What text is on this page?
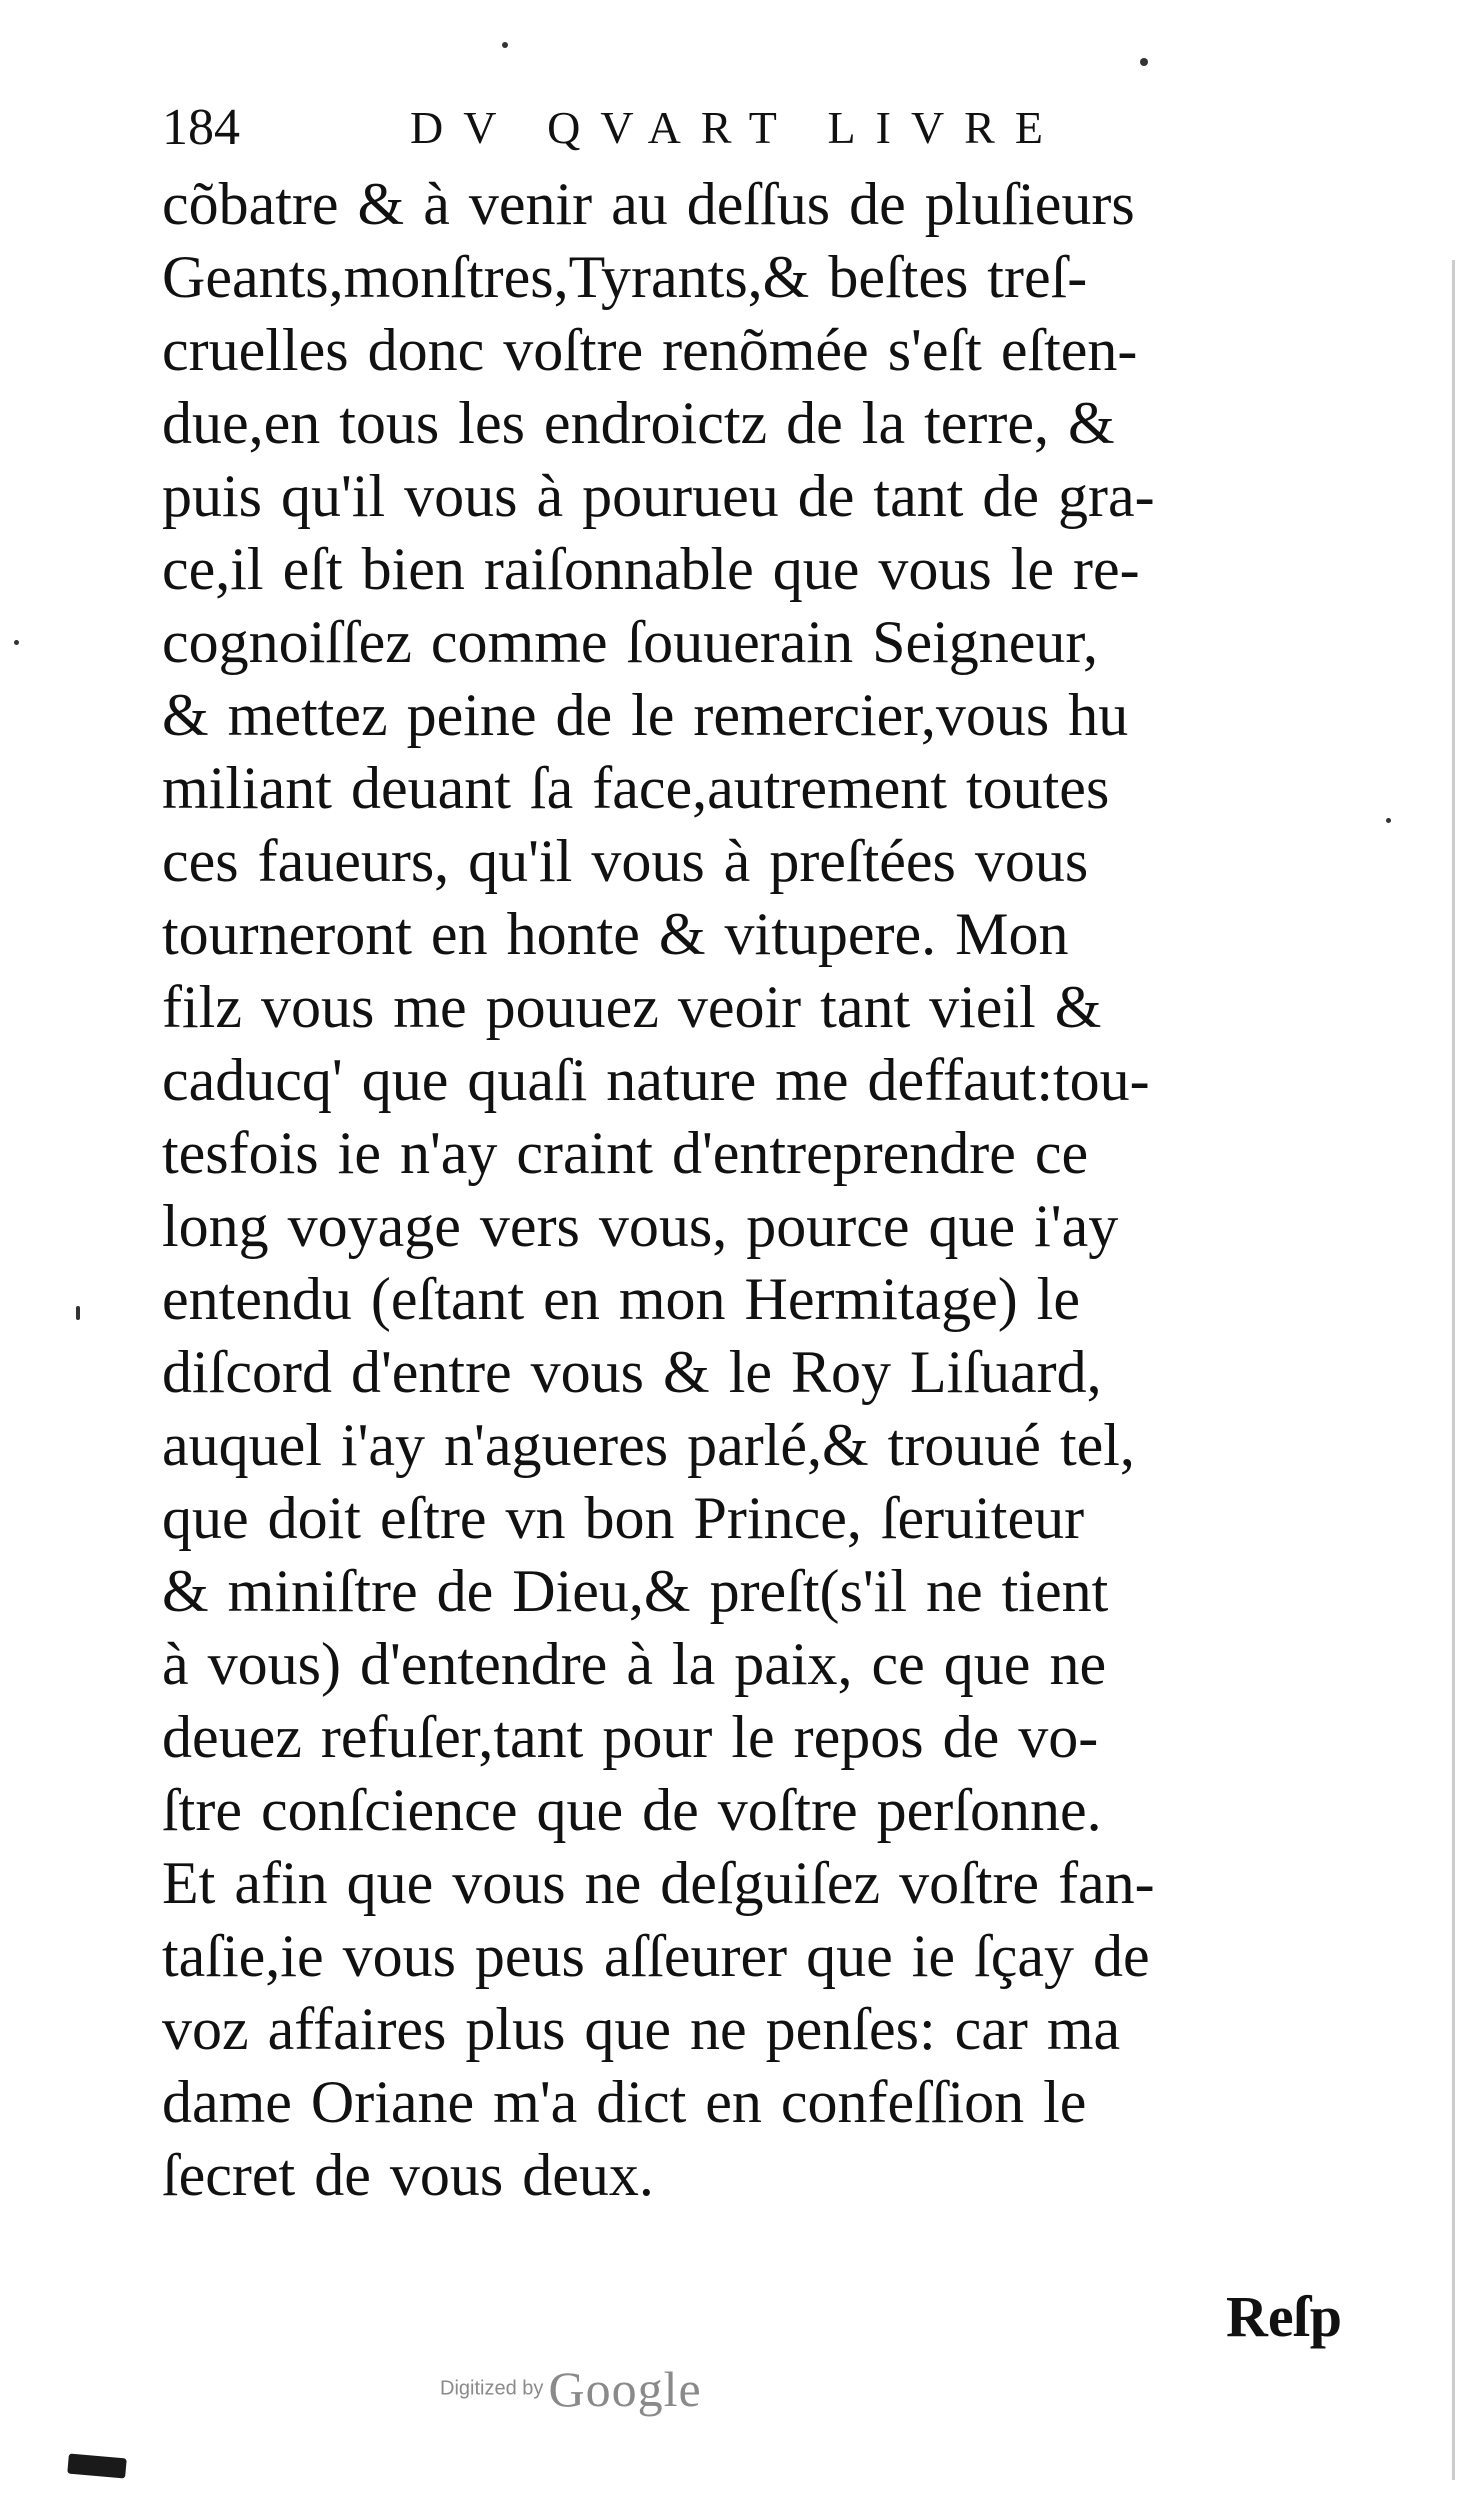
184	DV QVART LIVRE
cõbatre & à venir au deſſus de pluſieurs
Geants,monſtres,Tyrants,& beſtes treſ-
cruelles donc voſtre renõmée s'eſt eſten-
due,en tous les endroictz de la terre, &
puis qu'il vous à pourueu de tant de gra-
ce,il eſt bien raiſonnable que vous le re-
cognoiſſez comme ſouuerain Seigneur,
& mettez peine de le remercier,vous hu
miliant deuant ſa face,autrement toutes
ces faueurs, qu'il vous à preſtées vous
tourneront en honte & vitupere. Mon
filz vous me pouuez veoir tant vieil &
caducq' que quaſi nature me deffaut:tou-
tesfois ie n'ay craint d'entreprendre ce
long voyage vers vous, pource que i'ay
entendu (eſtant en mon Hermitage) le
diſcord d'entre vous & le Roy Liſuard,
auquel i'ay n'agueres parlé,& trouué tel,
que doit eſtre vn bon Prince, ſeruiteur
& miniſtre de Dieu,& preſt(s'il ne tient
à vous) d'entendre à la paix, ce que ne
deuez refuſer,tant pour le repos de vo-
ſtre conſcience que de voſtre perſonne.
Et afin que vous ne deſguiſez voſtre fan-
taſie,ie vous peus aſſeurer que ie ſçay de
voz affaires plus que ne penſes: car ma
dame Oriane m'a dict en confeſſion le
ſecret de vous deux.
Reſp
Digitized by Google
